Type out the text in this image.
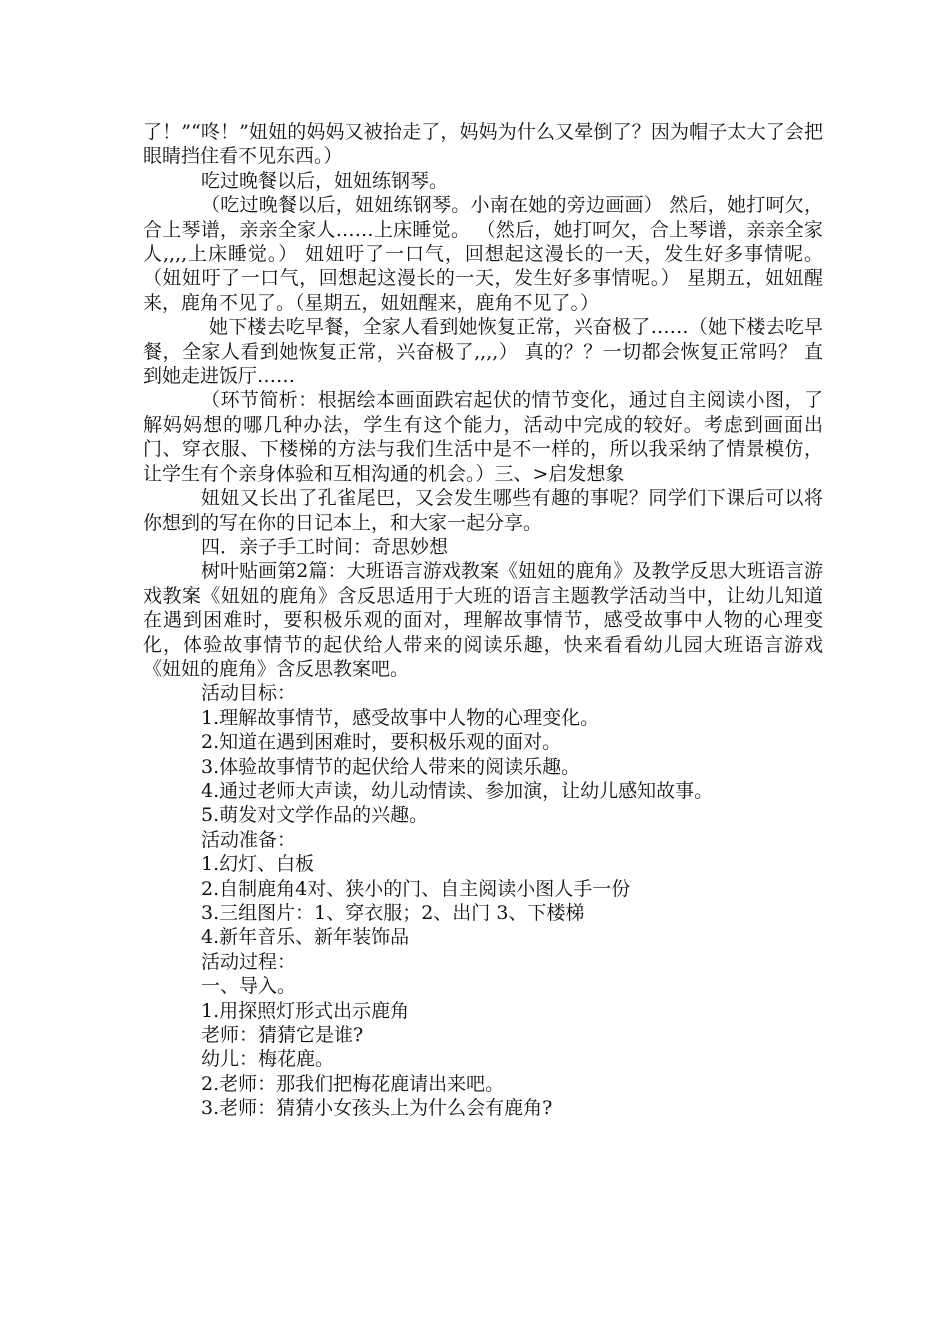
了！”“咚！”妞妞的妈妈又被抬走了，妈妈为什么又晕倒了？因为帽子太大了会把眼睛挡住看不见东西。）

吃过晚餐以后，妞妞练钢琴。

（吃过晚餐以后，妞妞练钢琴。小南在她的旁边画画） 然后，她打呵欠，合上琴谱，亲亲全家人……上床睡觉。 （然后，她打呵欠，合上琴谱，亲亲全家人,,,,上床睡觉。） 妞妞吁了一口气，回想起这漫长的一天，发生好多事情呢。 （妞妞吁了一口气，回想起这漫长的一天，发生好多事情呢。） 星期五，妞妞醒来，鹿角不见了。（星期五，妞妞醒来，鹿角不见了。）

她下楼去吃早餐，全家人看到她恢复正常，兴奋极了……（她下楼去吃早餐，全家人看到她恢复正常，兴奋极了,,,,） 真的？？一切都会恢复正常吗？ 直到她走进饭厅……

（环节简析：根据绘本画面跌宕起伏的情节变化，通过自主阅读小图，了解妈妈想的哪几种办法，学生有这个能力，活动中完成的较好。考虑到画面出门、穿衣服、下楼梯的方法与我们生活中是不一样的，所以我采纳了情景模仿，让学生有个亲身体验和互相沟通的机会。）三、>启发想象

妞妞又长出了孔雀尾巴，又会发生哪些有趣的事呢？同学们下课后可以将你想到的写在你的日记本上，和大家一起分享。

四．亲子手工时间：奇思妙想

树叶贴画第2篇：大班语言游戏教案《妞妞的鹿角》及教学反思大班语言游戏教案《妞妞的鹿角》含反思适用于大班的语言主题教学活动当中，让幼儿知道在遇到困难时，要积极乐观的面对，理解故事情节，感受故事中人物的心理变化，体验故事情节的起伏给人带来的阅读乐趣，快来看看幼儿园大班语言游戏《妞妞的鹿角》含反思教案吧。

活动目标：

1.理解故事情节，感受故事中人物的心理变化。

2.知道在遇到困难时，要积极乐观的面对。

3.体验故事情节的起伏给人带来的阅读乐趣。

4.通过老师大声读，幼儿动情读、参加演，让幼儿感知故事。

5.萌发对文学作品的兴趣。

活动准备：

1.幻灯、白板

2.自制鹿角4对、狭小的门、自主阅读小图人手一份

3.三组图片：1、穿衣服；2、出门 3、下楼梯

4.新年音乐、新年装饰品

活动过程：

一、导入。

1.用探照灯形式出示鹿角

老师：猜猜它是谁?

幼儿：梅花鹿。

2.老师：那我们把梅花鹿请出来吧。

3.老师：猜猜小女孩头上为什么会有鹿角?
